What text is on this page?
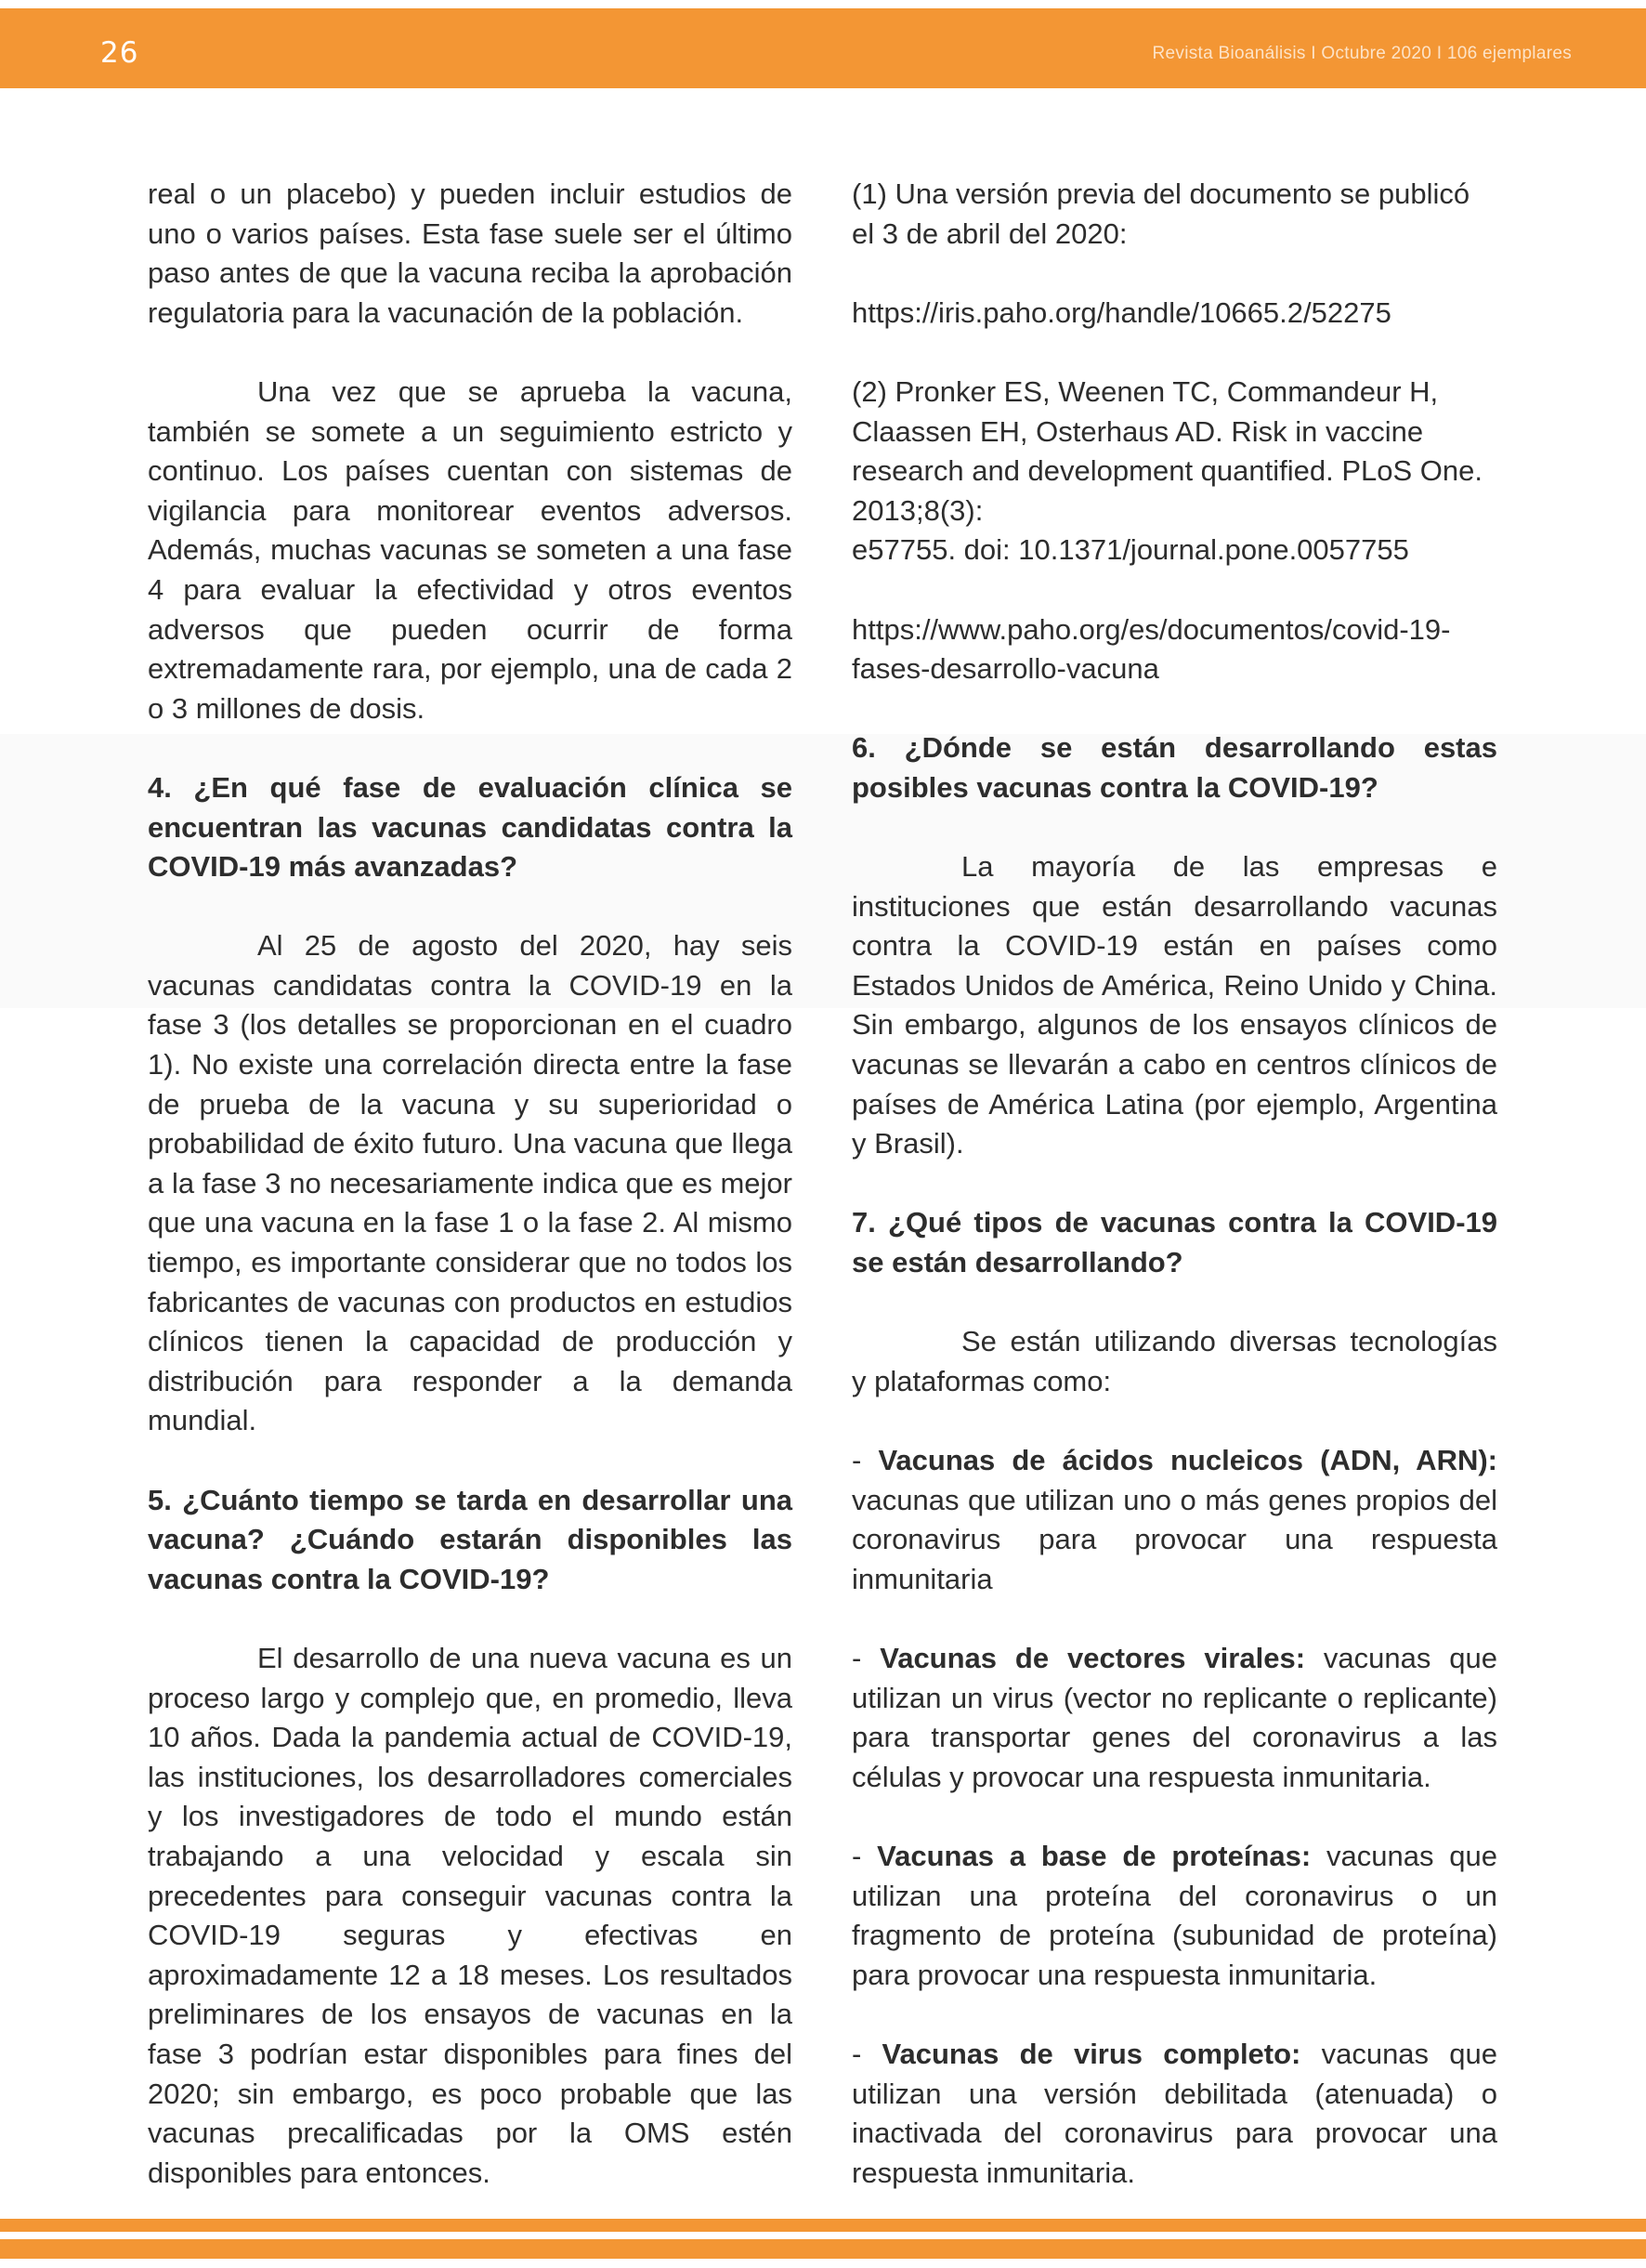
26	Revista Bioanálisis I Octubre 2020 I 106 ejemplares

real o un placebo) y pueden incluir estudios de uno o varios países. Esta fase suele ser el último paso antes de que la vacuna reciba la aprobación regulatoria para la vacunación de la población.

Una vez que se aprueba la vacuna, también se somete a un seguimiento estricto y continuo. Los países cuentan con sistemas de vigilancia para monitorear eventos adversos. Además, muchas vacunas se someten a una fase 4 para evaluar la efectividad y otros eventos adversos que pueden ocurrir de forma extremadamente rara, por ejemplo, una de cada 2 o 3 millones de dosis.

4. ¿En qué fase de evaluación clínica se encuentran las vacunas candidatas contra la COVID-19 más avanzadas?

Al 25 de agosto del 2020, hay seis vacunas candidatas contra la COVID-19 en la fase 3 (los detalles se proporcionan en el cuadro 1). No existe una correlación directa entre la fase de prueba de la vacuna y su superioridad o probabilidad de éxito futuro. Una vacuna que llega a la fase 3 no necesariamente indica que es mejor que una vacuna en la fase 1 o la fase 2. Al mismo tiempo, es importante considerar que no todos los fabricantes de vacunas con productos en estudios clínicos tienen la capacidad de producción y distribución para responder a la demanda mundial.

5. ¿Cuánto tiempo se tarda en desarrollar una vacuna? ¿Cuándo estarán disponibles las vacunas contra la COVID-19?

El desarrollo de una nueva vacuna es un proceso largo y complejo que, en promedio, lleva 10 años. Dada la pandemia actual de COVID-19, las instituciones, los desarrolladores comerciales y los investigadores de todo el mundo están trabajando a una velocidad y escala sin precedentes para conseguir vacunas contra la COVID-19 seguras y efectivas en aproximadamente 12 a 18 meses. Los resultados preliminares de los ensayos de vacunas en la fase 3 podrían estar disponibles para fines del 2020; sin embargo, es poco probable que las vacunas precalificadas por la OMS estén disponibles para entonces.

(1) Una versión previa del documento se publicó el 3 de abril del 2020:

https://iris.paho.org/handle/10665.2/52275

(2) Pronker ES, Weenen TC, Commandeur H, Claassen EH, Osterhaus AD. Risk in vaccine research and development quantified. PLoS One. 2013;8(3):

e57755. doi: 10.1371/journal.pone.0057755

https://www.paho.org/es/documentos/covid-19-fases-desarrollo-vacuna

6. ¿Dónde se están desarrollando estas posibles vacunas contra la COVID-19?

La mayoría de las empresas e instituciones que están desarrollando vacunas contra la COVID-19 están en países como Estados Unidos de América, Reino Unido y China. Sin embargo, algunos de los ensayos clínicos de vacunas se llevarán a cabo en centros clínicos de países de América Latina (por ejemplo, Argentina y Brasil).

7. ¿Qué tipos de vacunas contra la COVID-19 se están desarrollando?

Se están utilizando diversas tecnologías y plataformas como:

- Vacunas de ácidos nucleicos (ADN, ARN): vacunas que utilizan uno o más genes propios del coronavirus para provocar una respuesta inmunitaria

- Vacunas de vectores virales: vacunas que utilizan un virus (vector no replicante o replicante) para transportar genes del coronavirus a las células y provocar una respuesta inmunitaria.

- Vacunas a base de proteínas: vacunas que utilizan una proteína del coronavirus o un fragmento de proteína (subunidad de proteína) para provocar una respuesta inmunitaria.

- Vacunas de virus completo: vacunas que utilizan una versión debilitada (atenuada) o inactivada del coronavirus para provocar una respuesta inmunitaria.
